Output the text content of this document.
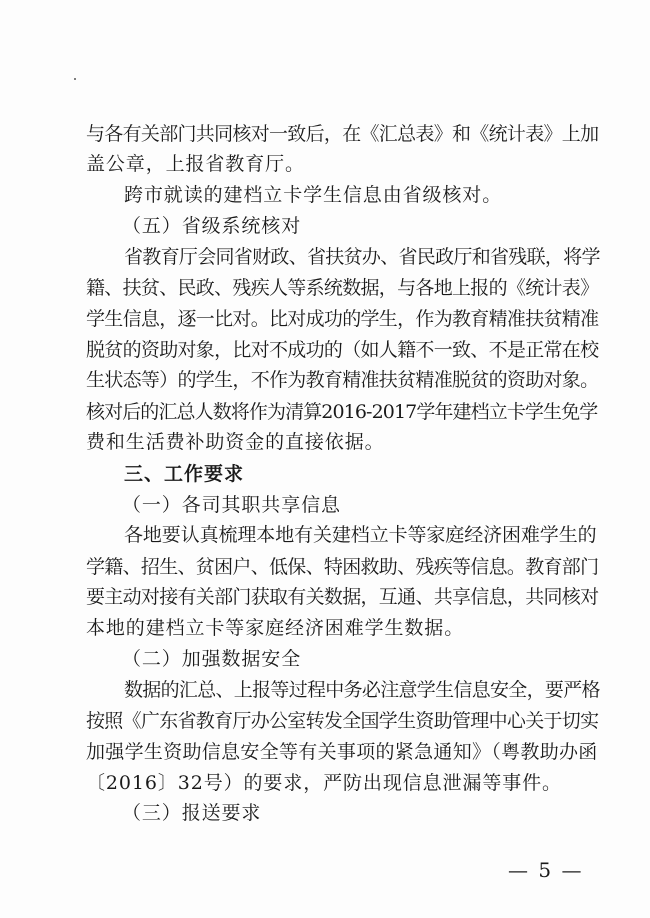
与各有关部门共同核对一致后，在《汇总表》和《统计表》上加
盖公章，上报省教育厅。
跨市就读的建档立卡学生信息由省级核对。
（五）省级系统核对
省教育厅会同省财政、省扶贫办、省民政厅和省残联，将学
籍、扶贫、民政、残疾人等系统数据，与各地上报的《统计表》
学生信息，逐一比对。比对成功的学生，作为教育精准扶贫精准
脱贫的资助对象，比对不成功的（如人籍不一致、不是正常在校
生状态等）的学生，不作为教育精准扶贫精准脱贫的资助对象。
核对后的汇总人数将作为清算2016-2017学年建档立卡学生免学
费和生活费补助资金的直接依据。
三、工作要求
（一）各司其职共享信息
各地要认真梳理本地有关建档立卡等家庭经济困难学生的
学籍、招生、贫困户、低保、特困救助、残疾等信息。教育部门
要主动对接有关部门获取有关数据，互通、共享信息，共同核对
本地的建档立卡等家庭经济困难学生数据。
（二）加强数据安全
数据的汇总、上报等过程中务必注意学生信息安全，要严格
按照《广东省教育厅办公室转发全国学生资助管理中心关于切实
加强学生资助信息安全等有关事项的紧急通知》（粤教助办函
〔2016〕32号）的要求，严防出现信息泄漏等事件。
（三）报送要求
— 5 —
